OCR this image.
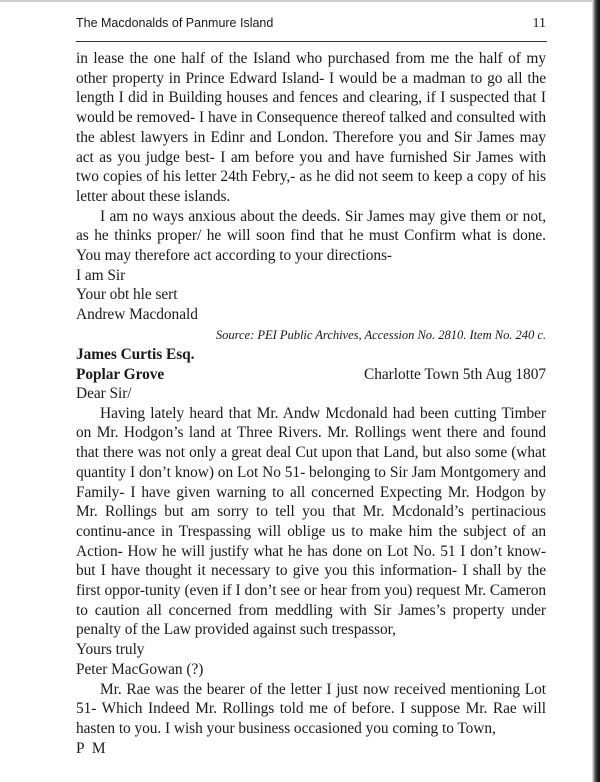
The Macdonalds of Panmure Island	11

in lease the one half of the Island who purchased from me the half of my other property in Prince Edward Island- I would be a madman to go all the length I did in Building houses and fences and clearing, if I suspected that I would be removed- I have in Consequence thereof talked and consulted with the ablest lawyers in Edinr and London. Therefore you and Sir James may act as you judge best- I am before you and have furnished Sir James with two copies of his letter 24th Febry,- as he did not seem to keep a copy of his letter about these islands.

I am no ways anxious about the deeds. Sir James may give them or not, as he thinks proper/ he will soon find that he must Confirm what is done. You may therefore act according to your directions-

I am Sir

Your obt hle sert

Andrew Macdonald

Source: PEI Public Archives, Accession No. 2810. Item No. 240 c.

James Curtis Esq.
Poplar Grove	Charlotte Town 5th Aug 1807

Dear Sir/

Having lately heard that Mr. Andw Mcdonald had been cutting Timber on Mr. Hodgon’s land at Three Rivers. Mr. Rollings went there and found that there was not only a great deal Cut upon that Land, but also some (what quantity I don’t know) on Lot No 51- belonging to Sir Jam Montgomery and Family- I have given warning to all concerned Expecting Mr. Hodgon by Mr. Rollings but am sorry to tell you that Mr. Mcdonald’s pertinacious continu-ance in Trespassing will oblige us to make him the subject of an Action- How he will justify what he has done on Lot No. 51 I don’t know- but I have thought it necessary to give you this information- I shall by the first oppor-tunity (even if I don’t see or hear from you) request Mr. Cameron to caution all concerned from meddling with Sir James’s property under penalty of the Law provided against such trespassor,

Yours truly

Peter MacGowan (?)

Mr. Rae was the bearer of the letter I just now received mentioning Lot 51- Which Indeed Mr. Rollings told me of before. I suppose Mr. Rae will hasten to you. I wish your business occasioned you coming to Town,

P M
